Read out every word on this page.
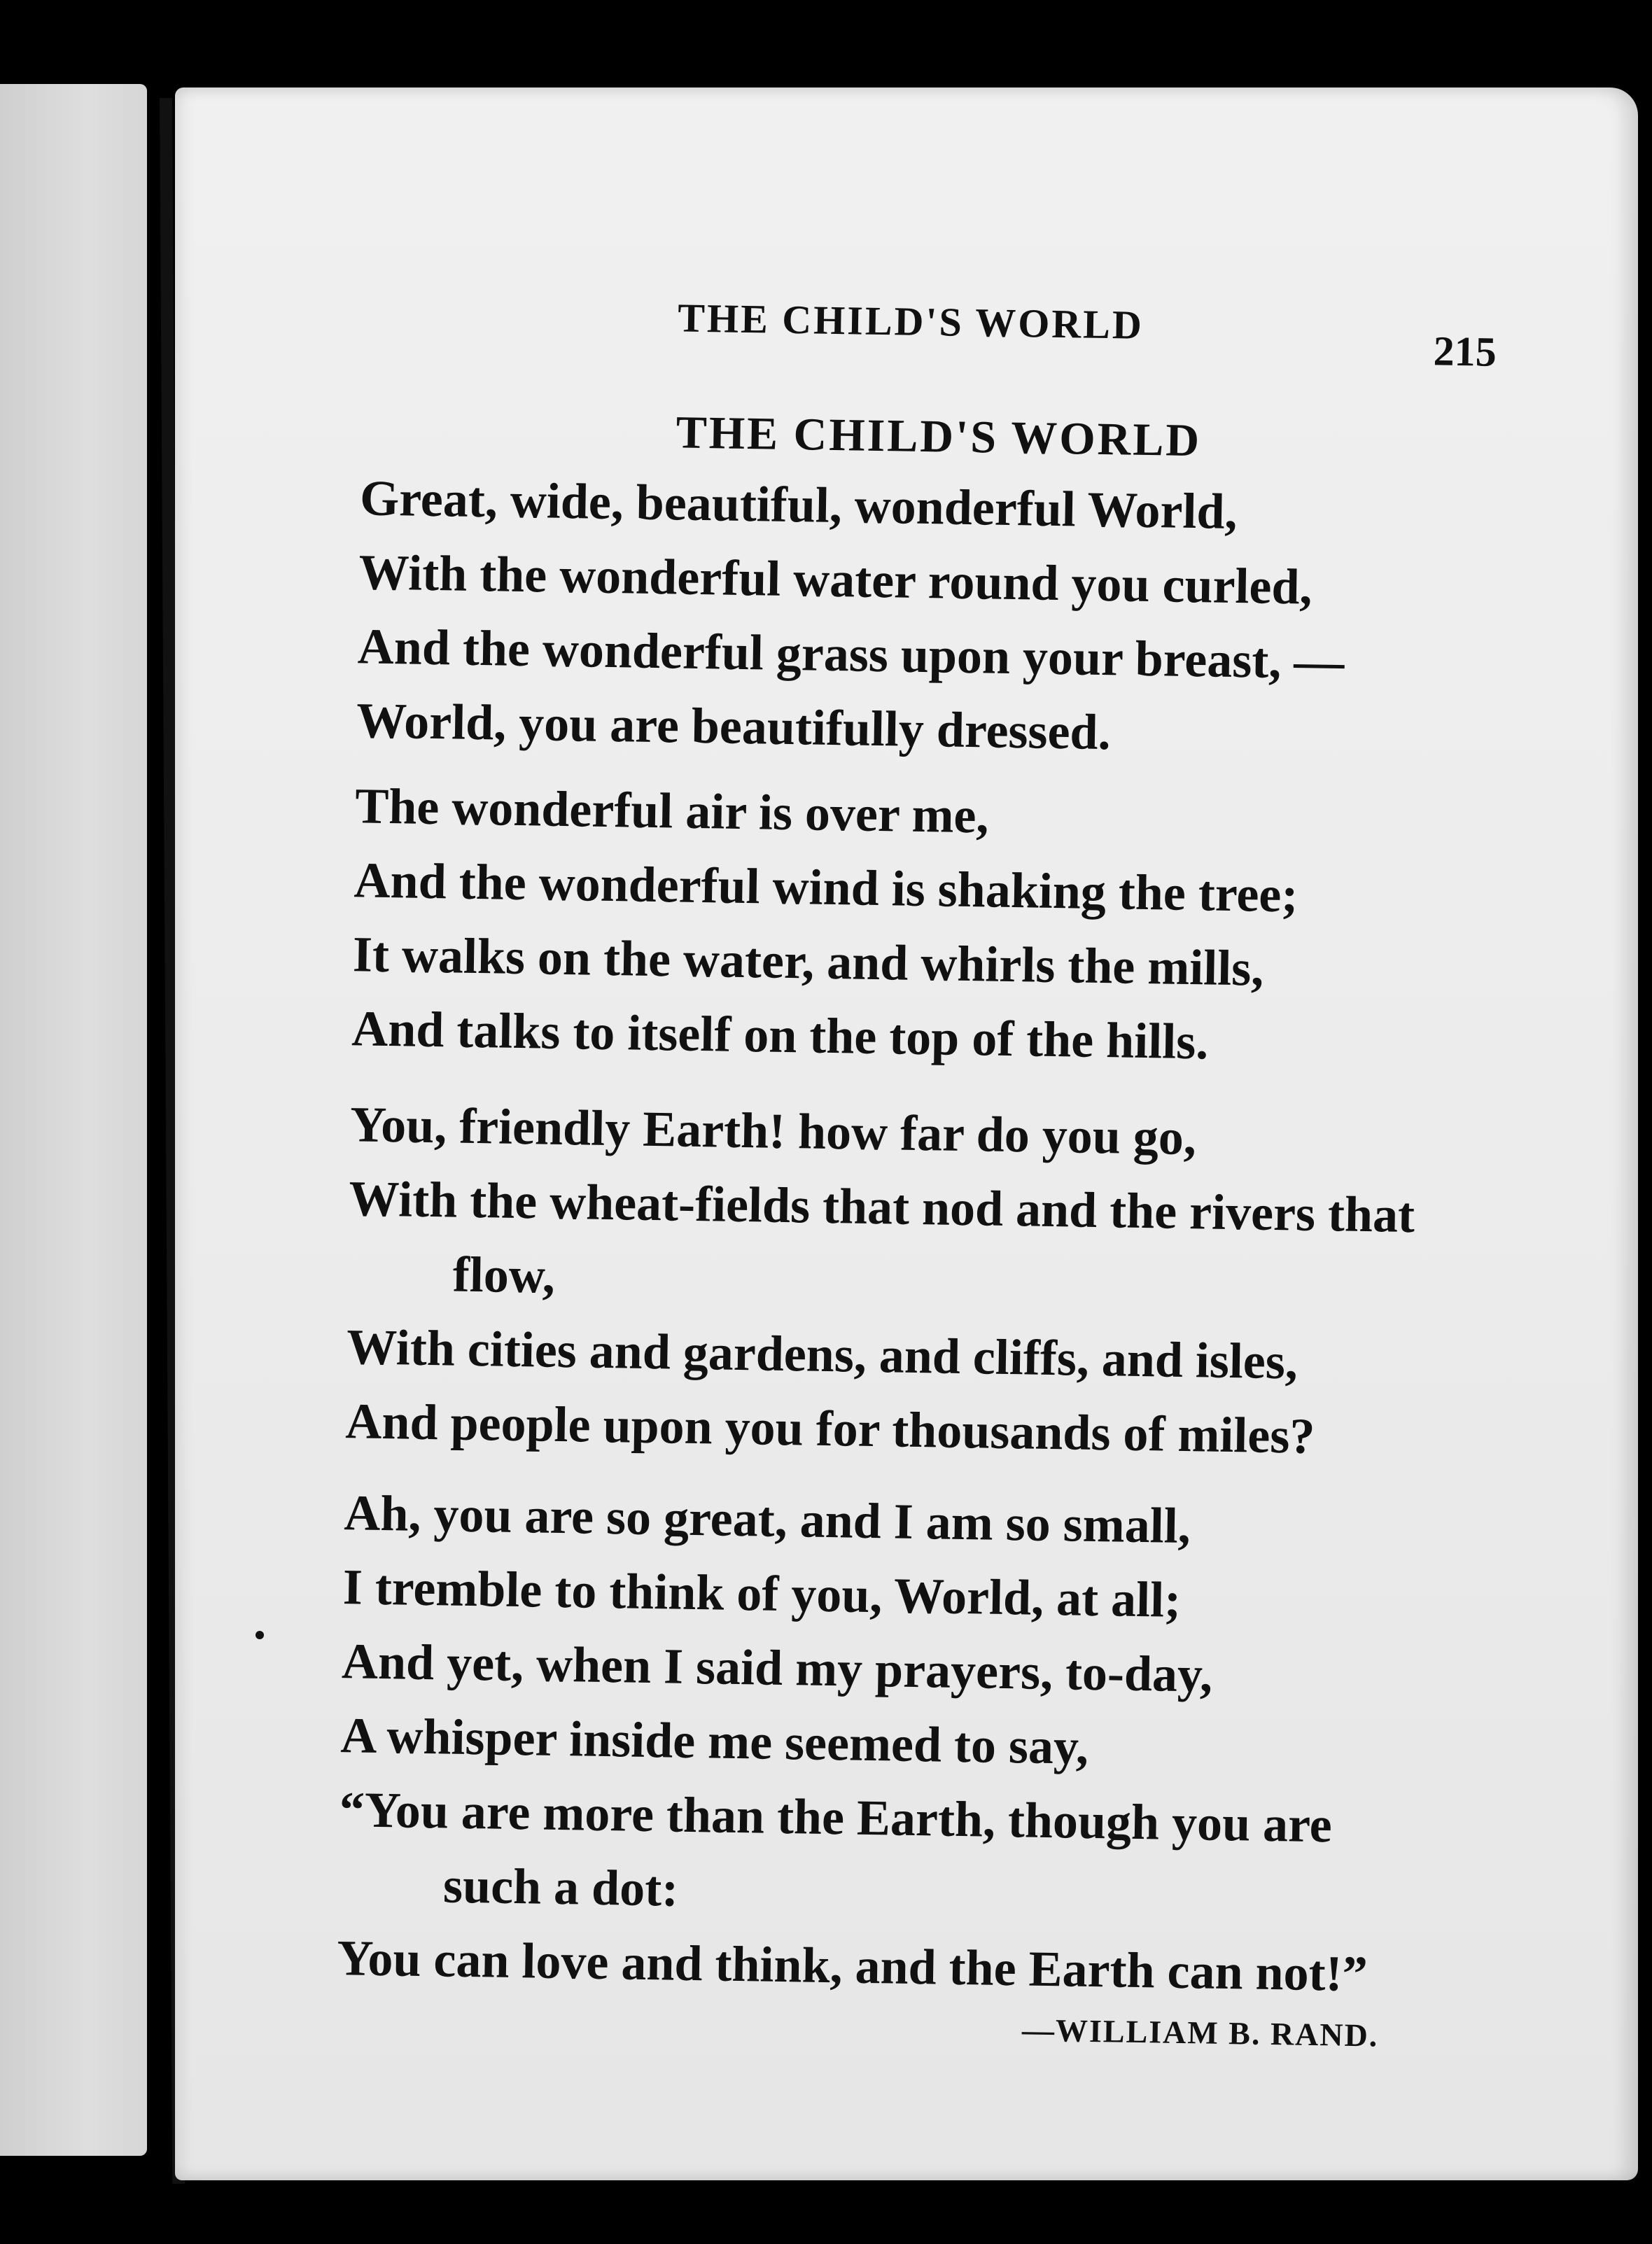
THE CHILD'S WORLD
215
THE CHILD'S WORLD
Great, wide, beautiful, wonderful World,
With the wonderful water round you curled,
And the wonderful grass upon your breast, —
World, you are beautifully dressed.
The wonderful air is over me,
And the wonderful wind is shaking the tree;
It walks on the water, and whirls the mills,
And talks to itself on the top of the hills.
You, friendly Earth! how far do you go,
With the wheat-fields that nod and the rivers that
flow,
With cities and gardens, and cliffs, and isles,
And people upon you for thousands of miles?
Ah, you are so great, and I am so small,
I tremble to think of you, World, at all;
And yet, when I said my prayers, to-day,
A whisper inside me seemed to say,
“You are more than the Earth, though you are
such a dot:
You can love and think, and the Earth can not!”
—WILLIAM B. RAND.
